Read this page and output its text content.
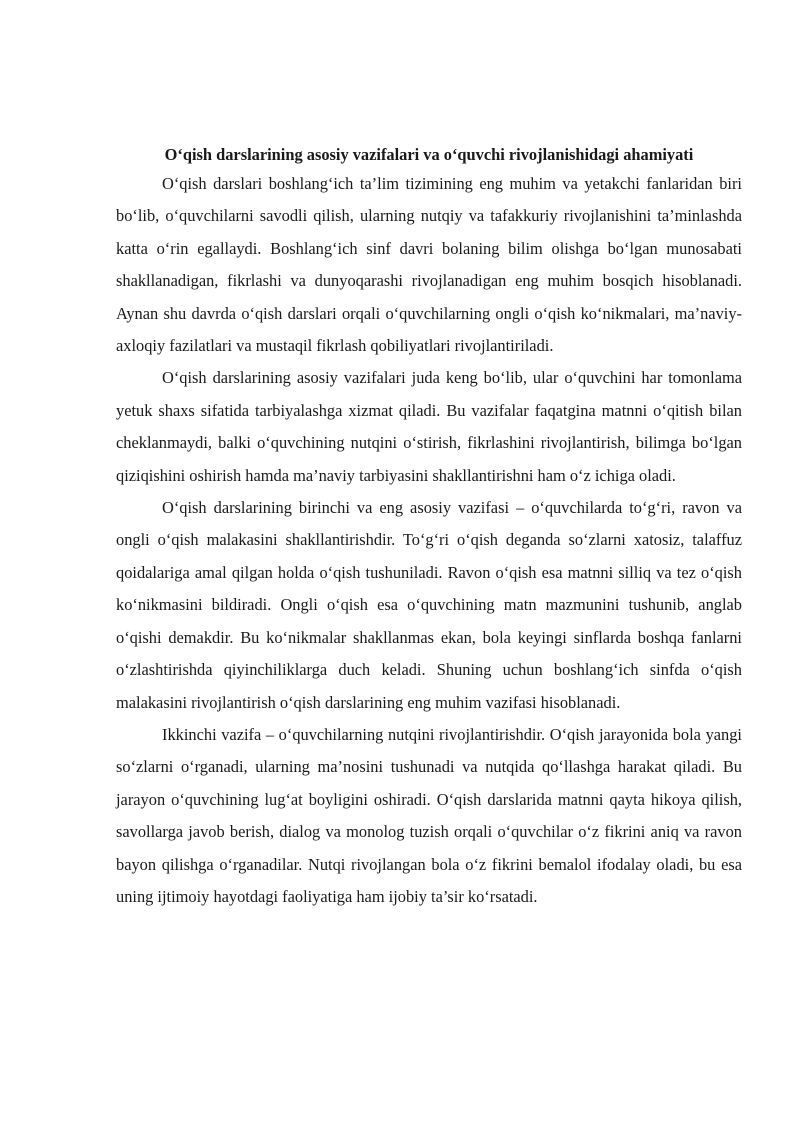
O‘qish darslarining asosiy vazifalari va o‘quvchi rivojlanishidagi ahamiyati

O‘qish darslari boshlang‘ich ta’lim tizimining eng muhim va yetakchi fanlaridan biri bo‘lib, o‘quvchilarni savodli qilish, ularning nutqiy va tafakkuriy rivojlanishini ta’minlashda katta o‘rin egallaydi. Boshlang‘ich sinf davri bolaning bilim olishga bo‘lgan munosabati shakllanadigan, fikrlashi va dunyoqarashi rivojlanadigan eng muhim bosqich hisoblanadi. Aynan shu davrda o‘qish darslari orqali o‘quvchilarning ongli o‘qish ko‘nikmalari, ma’naviy-axloqiy fazilatlari va mustaqil fikrlash qobiliyatlari rivojlantiriladi.

O‘qish darslarining asosiy vazifalari juda keng bo‘lib, ular o‘quvchini har tomonlama yetuk shaxs sifatida tarbiyalashga xizmat qiladi. Bu vazifalar faqatgina matnni o‘qitish bilan cheklanmaydi, balki o‘quvchining nutqini o‘stirish, fikrlashini rivojlantirish, bilimga bo‘lgan qiziqishini oshirish hamda ma’naviy tarbiyasini shakllantirishni ham o‘z ichiga oladi.

O‘qish darslarining birinchi va eng asosiy vazifasi – o‘quvchilarda to‘g‘ri, ravon va ongli o‘qish malakasini shakllantirishdir. To‘g‘ri o‘qish deganda so‘zlarni xatosiz, talaffuz qoidalariga amal qilgan holda o‘qish tushuniladi. Ravon o‘qish esa matnni silliq va tez o‘qish ko‘nikmasini bildiradi. Ongli o‘qish esa o‘quvchining matn mazmunini tushunib, anglab o‘qishi demakdir. Bu ko‘nikmalar shakllanmas ekan, bola keyingi sinflarda boshqa fanlarni o‘zlashtirishda qiyinchiliklarga duch keladi. Shuning uchun boshlang‘ich sinfda o‘qish malakasini rivojlantirish o‘qish darslarining eng muhim vazifasi hisoblanadi.

Ikkinchi vazifa – o‘quvchilarning nutqini rivojlantirishdir. O‘qish jarayonida bola yangi so‘zlarni o‘rganadi, ularning ma’nosini tushunadi va nutqida qo‘llashga harakat qiladi. Bu jarayon o‘quvchining lug‘at boyligini oshiradi. O‘qish darslarida matnni qayta hikoya qilish, savollarga javob berish, dialog va monolog tuzish orqali o‘quvchilar o‘z fikrini aniq va ravon bayon qilishga o‘rganadilar. Nutqi rivojlangan bola o‘z fikrini bemalol ifodalay oladi, bu esa uning ijtimoiy hayotdagi faoliyatiga ham ijobiy ta’sir ko‘rsatadi.
